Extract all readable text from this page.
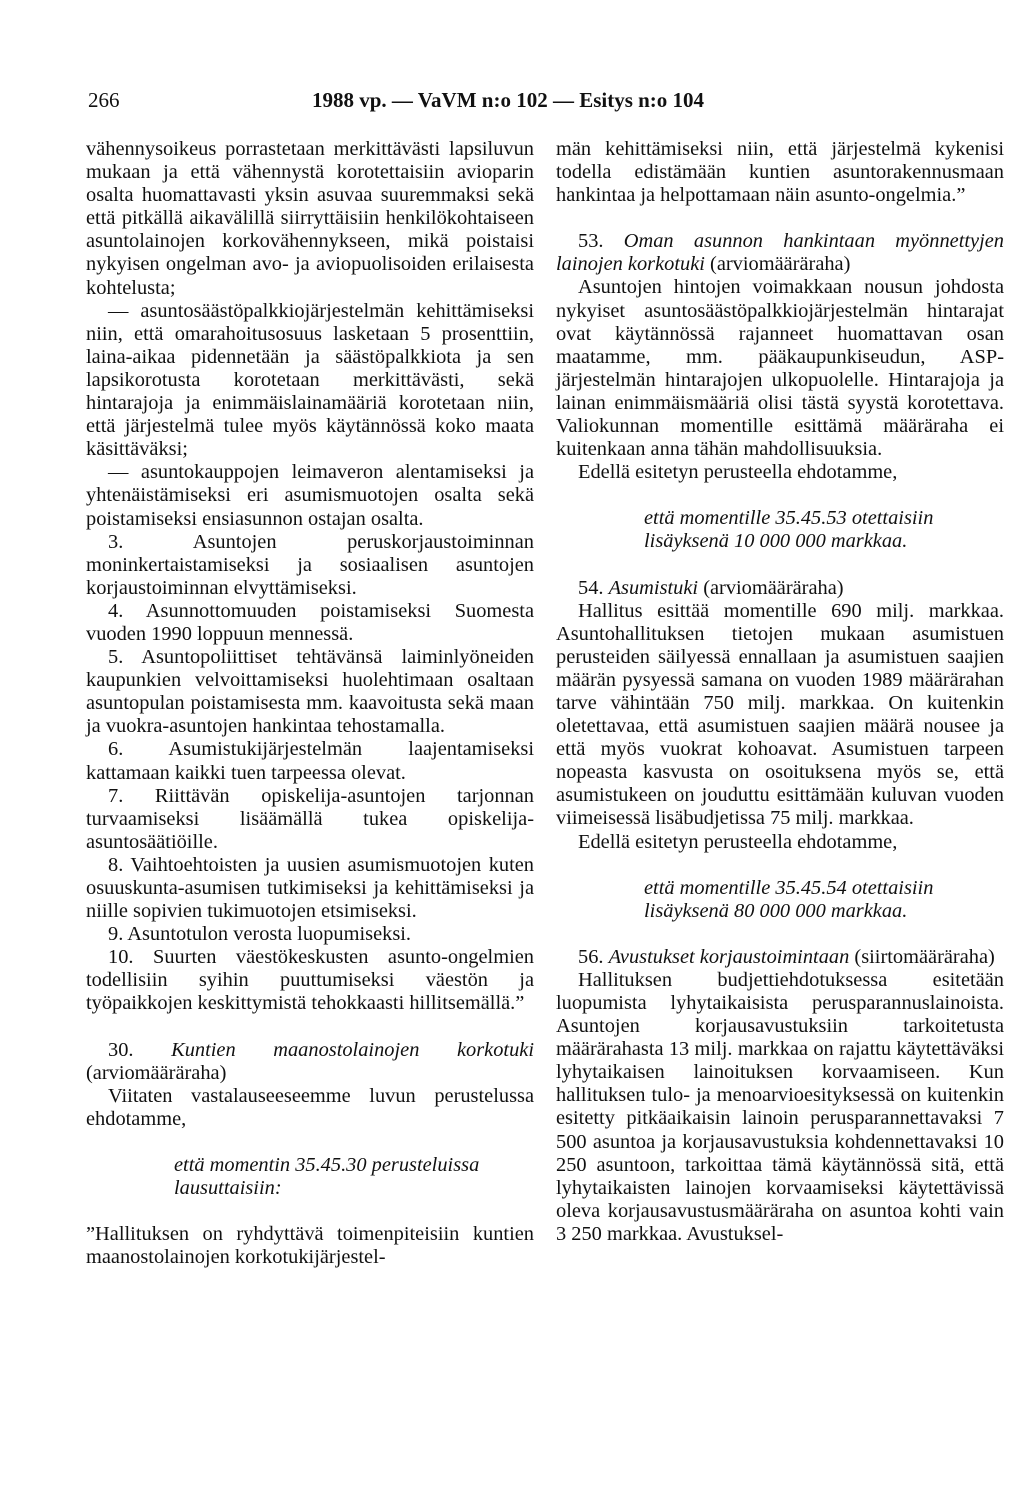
266	1988 vp. — VaVM n:o 102 — Esitys n:o 104

vähennysoikeus porrastetaan merkittävästi lapsiluvun mukaan ja että vähennystä korotettaisiin avioparin osalta huomattavasti yksin asuvaa suuremmaksi sekä että pitkällä aikavälillä siirryttäisiin henkilökohtaiseen asuntolainojen korkovähennykseen, mikä poistaisi nykyisen ongelman avo- ja aviopuolisoiden erilaisesta kohtelusta;

— asuntosäästöpalkkiojärjestelmän kehittämiseksi niin, että omarahoitusosuus lasketaan 5 prosenttiin, laina-aikaa pidennetään ja säästöpalkkiota ja sen lapsikorotusta korotetaan merkittävästi, sekä hintarajoja ja enimmäislainamääriä korotetaan niin, että järjestelmä tulee myös käytännössä koko maata käsittäväksi;

— asuntokauppojen leimaveron alentamiseksi ja yhtenäistämiseksi eri asumismuotojen osalta sekä poistamiseksi ensiasunnon ostajan osalta.

3. Asuntojen peruskorjaustoiminnan moninkertaistamiseksi ja sosiaalisen asuntojen korjaustoiminnan elvyttämiseksi.

4. Asunnottomuuden poistamiseksi Suomesta vuoden 1990 loppuun mennessä.

5. Asuntopoliittiset tehtävänsä laiminlyöneiden kaupunkien velvoittamiseksi huolehtimaan osaltaan asuntopulan poistamisesta mm. kaavoitusta sekä maan ja vuokra-asuntojen hankintaa tehostamalla.

6. Asumistukijärjestelmän laajentamiseksi kattamaan kaikki tuen tarpeessa olevat.

7. Riittävän opiskelija-asuntojen tarjonnan turvaamiseksi lisäämällä tukea opiskelija-asuntosäätiöille.

8. Vaihtoehtoisten ja uusien asumismuotojen kuten osuuskunta-asumisen tutkimiseksi ja kehittämiseksi ja niille sopivien tukimuotojen etsimiseksi.

9. Asuntotulon verosta luopumiseksi.

10. Suurten väestökeskusten asunto-ongelmien todellisiin syihin puuttumiseksi väestön ja työpaikkojen keskittymistä tehokkaasti hillitsemällä.”

30. Kuntien maanostolainojen korkotuki (arviomääräraha)

Viitaten vastalauseeseemme luvun perustelussa ehdotamme,

että momentin 35.45.30 perusteluissa lausuttaisiin:

”Hallituksen on ryhdyttävä toimenpiteisiin kuntien maanostolainojen korkotukijärjestel-

män kehittämiseksi niin, että järjestelmä kykenisi todella edistämään kuntien asuntorakennusmaan hankintaa ja helpottamaan näin asunto-ongelmia.”

53. Oman asunnon hankintaan myönnettyjen lainojen korkotuki (arviomääräraha)

Asuntojen hintojen voimakkaan nousun johdosta nykyiset asuntosäästöpalkkiojärjestelmän hintarajat ovat käytännössä rajanneet huomattavan osan maatamme, mm. pääkaupunkiseudun, ASP-järjestelmän hintarajojen ulkopuolelle. Hintarajoja ja lainan enimmäismääriä olisi tästä syystä korotettava. Valiokunnan momentille esittämä määräraha ei kuitenkaan anna tähän mahdollisuuksia.

Edellä esitetyn perusteella ehdotamme,

että momentille 35.45.53 otettaisiin lisäyksenä 10 000 000 markkaa.

54. Asumistuki (arviomääräraha)

Hallitus esittää momentille 690 milj. markkaa. Asuntohallituksen tietojen mukaan asumistuen perusteiden säilyessä ennallaan ja asumistuen saajien määrän pysyessä samana on vuoden 1989 määrärahan tarve vähintään 750 milj. markkaa. On kuitenkin oletettavaa, että asumistuen saajien määrä nousee ja että myös vuokrat kohoavat. Asumistuen tarpeen nopeasta kasvusta on osoituksena myös se, että asumistukeen on jouduttu esittämään kuluvan vuoden viimeisessä lisäbudjetissa 75 milj. markkaa.

Edellä esitetyn perusteella ehdotamme,

että momentille 35.45.54 otettaisiin lisäyksenä 80 000 000 markkaa.

56. Avustukset korjaustoimintaan (siirtomääräraha)

Hallituksen budjettiehdotuksessa esitetään luopumista lyhytaikaisista perusparannuslainoista. Asuntojen korjausavustuksiin tarkoitetusta määrärahasta 13 milj. markkaa on rajattu käytettäväksi lyhytaikaisen lainoituksen korvaamiseen. Kun hallituksen tulo- ja menoarvioesityksessä on kuitenkin esitetty pitkäaikaisin lainoin perusparannettavaksi 7 500 asuntoa ja korjausavustuksia kohdennettavaksi 10 250 asuntoon, tarkoittaa tämä käytännössä sitä, että lyhytaikaisten lainojen korvaamiseksi käytettävissä oleva korjausavustusmääräraha on asuntoa kohti vain 3 250 markkaa. Avustuksel-
